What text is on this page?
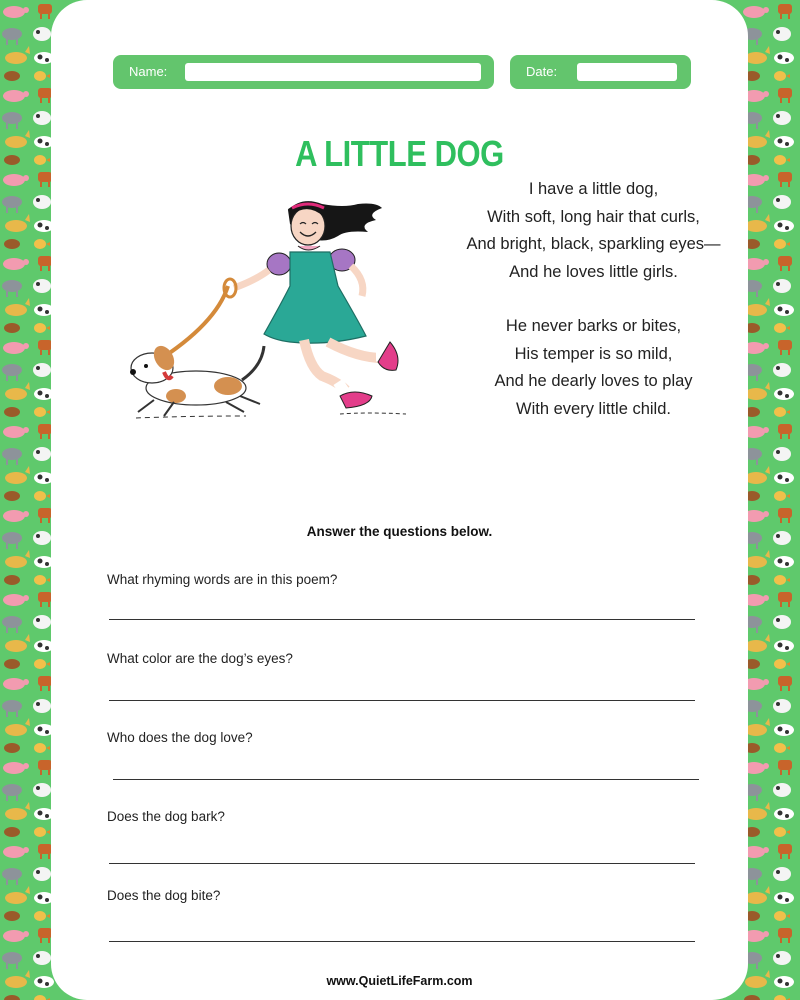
Name:	Date:
A LITTLE DOG
I have a little dog,
With soft, long hair that curls,
And bright, black, sparkling eyes—
And he loves little girls.
He never barks or bites,
His temper is so mild,
And he dearly loves to play
With every little child.
Answer the questions below.
What rhyming words are in this poem?
What color are the dog’s eyes?
Who does the dog love?
Does the dog bark?
Does the dog bite?
www.QuietLifeFarm.com
